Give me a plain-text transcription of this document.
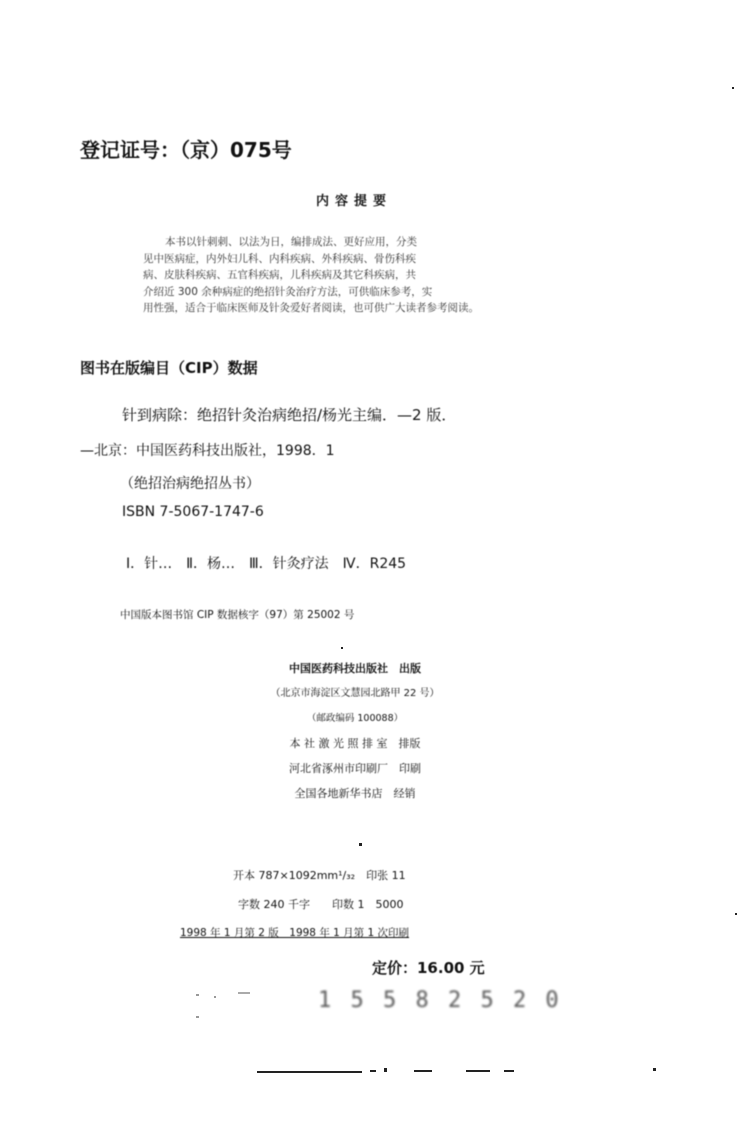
登记证号：（京）075号
内容提要
本书以针刺刺、以法为日，编排成法、更好应用，分类
见中医病症，内外妇儿科、内科疾病、外科疾病、骨伤科疾
病、皮肤科疾病、五官科疾病，儿科疾病及其它科疾病，共
介绍近 300 余种病症的绝招针灸治疗方法，可供临床参考，实
用性强，适合于临床医师及针灸爱好者阅读，也可供广大读者参考阅读。
图书在版编目（CIP）数据
针到病除：绝招针灸治病绝招/杨光主编．—2 版．
—北京：中国医药科技出版社，1998．1
（绝招治病绝招丛书）
ISBN 7-5067-1747-6
Ⅰ．针…　Ⅱ．杨…　Ⅲ．针灸疗法　Ⅳ．R245
中国版本图书馆 CIP 数据核字（97）第 25002 号
中国医药科技出版社　出版
（北京市海淀区文慧园北路甲 22 号）
（邮政编码 100088）
本 社 激 光 照 排 室　排版
河北省涿州市印刷厂　印刷
全国各地新华书店　经销
开本 787×1092mm¹/₃₂　印张 11
字数 240 千字　　印数 1　5000
1998 年 1 月第 2 版　1998 年 1 月第 1 次印刷
定价：16.00 元
1 5 5 8 2 5 2 0
